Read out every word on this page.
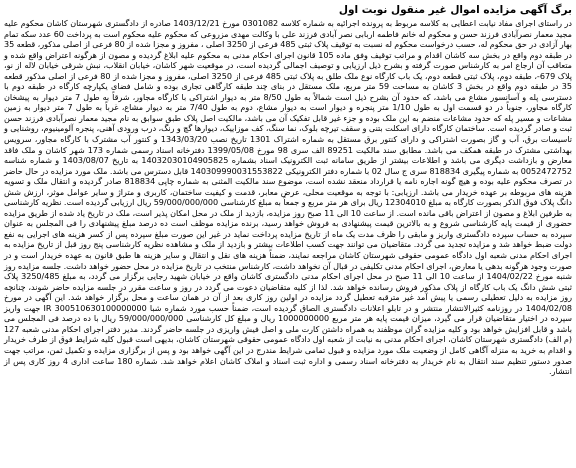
برگ آگهی مزایده اموال غیر منقول نوبت اول

در راستای اجرای مفاد نیابت اعطایی به کلاسه مربوط به پرونده اجرائیه به شماره کلاسه 0301082 مورخ 1403/12/21 صادره از دادگستری شهرستان کاشان محکوم علیه مجید معمار نصرآبادی فرزند حسن و محکوم له خانم فاطمه اربابی نصر آبادی فرزند علی با وکالت مهدی مزروعی که محکوم علیه محکوم است به پرداخت 60 عدد سکه تمام بهار آزادی در حق محکوم له، حسب درخواست محکوم له نسبت به توقیف پلاک ثبتی 485 فرعی از 3250 اصلی ، مفروز و مجزا شده از 80 فرعی از اصلی مذکور، قطعه 35 در طبقه دوم واقع در بخش سه کاشان اقدام و مراتب توقیف وفق ماده 105 قانون اجرای احکام مدنی به محکوم علیه ابلاغ گردیده و مصون از هرگونه اعتراض واقع شده و متعاقب آن ارجاع امر به کارشناس صورت گرفته و بشرح ذیل ارزیابی و توصیف اجمالی گردیده است، در موقعیت شهر کاشان، خیابان انقلاب، نبش شرقی خیابان لاله از نو، پلاک 679-، طبقه دوم، پلاک ثبتی قطعه دوم، یک باب کارگاه نوع ملک طلق به پلاک ثبتی 485 فرعی از 3250 اصلی، مفروز و مجزا شده از 80 فرعی از اصلی مذکور قطعه 35 در طبقه دوم واقع در بخش 3 کاشان به مساحت 59 متر مربع، ملک مستقل در بنای چند طبقه کارگاهی تجاری بوده و شامل فضای یکپارچه کارگاه در طبقه دوم با دسترسی پله و آسانسور مشاع می باشد، که حدود آن بشرح ذیل است شمالاً به طول 8/50 متر به دیوار اشتراکی با کارگاه مجاور، شرقاً به طول 7 متر دیوار به پیشخان کارگاه مجاور، جنوباً در دو قسمت اول به طول 1/10 متر پنجره و دیوار است به دیوار مشاع، دوم به طول 7/40 متر به دیوار مشاع، غرباً به طول 7 متر دیوار به زمین مشاعات و مسیر پله که حدود مشاعات منضم به این ملک بوده و جزء غیر قابل تفکیک آن می باشد، مالکیت اصل پلاک طبق سوابق به نام مجید معمار نصرآبادی فرزند حسن ثبت و صادر گردیده است. ساختمان کارگاه دارای اسکلت بتنی و سقف تیرچه بلوک، نما سنگ، کف موزاییک، دیوارها گچ و رنگ، درب ورودی آهنی، پنجره آلومینیوم، روشنایی و تاسیسات برق، آب و گاز بصورت اشتراکی و دارای کنتور برق مستقل به شماره اشتراک 1301 تاریخ نصب 1343/03/20 و کنتور آب مشترک با کارگاه مجاور، سرویس بهداشتی مشترک در طبقه همکف می باشد. مطابق سند مالکیت 89251 الف سری 98 مورخ 1399/05/08 دفترخانه اسناد رسمی شماره 173 شهر کاشان و ملک فاقد معارض و بازداشت دیگری می باشد و اطلاعات بیشتر از طریق سامانه ثبت الکترونیک اسناد بشماره 14032030104905825 به تاریخ 1403/08/07 و شماره شناسه 0052472752 به شماره پیگیری 818834 سری ج سال 02 با شماره دفتر الکترونیکی 140309990031553822 قابل دسترس می باشد. ملک مورد مزایده در حال حاضر در تصرف محکوم علیه بوده و هیچ گونه اجاره نامه یا قرارداد منعقد نشده است، موضوع سند مالکیت المثنی به شماره چاپی 818834 صادر گردیده و انتقال ملک و تسویه هزینه های مربوطه بر عهده خریدار می باشد. ارزیابی: با توجه به موقعیت محلی، عرض معابر، قدمت و کیفیت ساختمان، کاربری و متراژ و سایر عوامل موثر، ارزش شش دانگ پلاک فوق الذکر بصورت کارگاه به مبلغ 12304010 ریال برای هر متر مربع و جمعاً به مبلغ کارشناسی 59/000/000/000 ریال ارزیابی گردیده است. نظریه کارشناسی به طرفین ابلاغ و مصون از اعتراض باقی مانده است. از ساعت 10 الی 11 صبح روز مزایده، بازدید از ملک در محل امکان پذیر است، ملک در تاریخ یاد شده از طریق مزایده حضوری از قیمت پایه کارشناسی شروع و به بالاترین قیمت پیشنهادی به فروش خواهد رسید، برنده مزایده موظف است ده درصد مبلغ پیشنهادی را فی المجلس به عنوان سپرده به حساب سپرده دادگستری واریز و مابقی را ظرف مدت یک ماه از تاریخ مزایده پرداخت نماید در غیر این صورت مبلغ سپرده پس از کسر هزینه های اجرایی به نفع دولت ضبط خواهد شد و مزایده تجدید می گردد. متقاضیان می توانند جهت کسب اطلاعات بیشتر و بازدید از ملک و مشاهده نظریه کارشناسی پنج روز قبل از تاریخ مزایده به اجرای احکام مدنی شعبه اول دادگاه عمومی حقوقی شهرستان کاشان مراجعه نمایند، ضمناً هزینه های نقل و انتقال و سایر هزینه ها طبق قانون به عهده خریدار است و در صورت وجود هرگونه بدهی یا معارض، اجرای احکام مدنی تکلیفی در قبال آن نخواهد داشت، کارشناس منتخب در تاریخ مزایده در محل حضور خواهد داشت. جلسه مزایده روز شنبه مورخ 1404/02/22 از ساعت 10 الی 11 صبح در محل اجرای احکام مدنی دادگستری کاشان واقع در خیابان شهید رجایی برگزار می گردد، به مبلغ 3250/485 پلاک ثبتی شش دانگ یک باب کارگاه از پلاک مذکور فروش رسانده خواهد شد. لذا از کلیه متقاضیان دعوت می گردد در روز و ساعت مقرر در جلسه مزایده حاضر شوند، چنانچه روز مزایده به دلیل تعطیلی رسمی یا پیش آمد غیر مترقبه تعطیل گردد مزایده در اولین روز کاری بعد از آن در همان ساعت و محل برگزار خواهد شد. این آگهی در مورخ 1404/02/08 در روزنامه کثیرالانتشار منتشر و در تابلو اعلانات دادگستری الصاق گردیده است، ضمناً حسب مورد شماره شبا IR 300510630100000000 جهت واریز سپرده در اختیار متقاضیان قرار می گیرد، میزان قیمت پایه هر متر مربع 1000000000 ریال و مبلغ کل کارشناسی 59/000/000/000 ریال با ده درصد فی المجلس می باشد و قابل افزایش خواهد بود و کلیه مزایده گران موظفند به همراه داشتن کارت ملی و اصل فیش واریزی در جلسه حاضر گردند. مدیر دفتر اجرای احکام مدنی شعبه 127 (م الف) دادگستری شهرستان کاشان، اجرای احکام مدنی به نیابت از شعبه اول دادگاه عمومی حقوقی شهرستان کاشان، بدیهی است قبول کلیه شرایط فوق از طرف خریدار و اقدام به خرید به منزله آگاهی کامل از وضعیت ملک مورد مزایده و قبول تمامی شرایط مندرج در این آگهی خواهد بود و پس از برگزاری مزایده و تکمیل ثمن، مراتب جهت صدور دستور تنظیم سند انتقال به نام خریدار به دفترخانه اسناد رسمی و اداره ثبت اسناد و املاک کاشان اعلام خواهد شد. شماره 180 ساعت اداری 4 روز کاری پس از انتشار.
